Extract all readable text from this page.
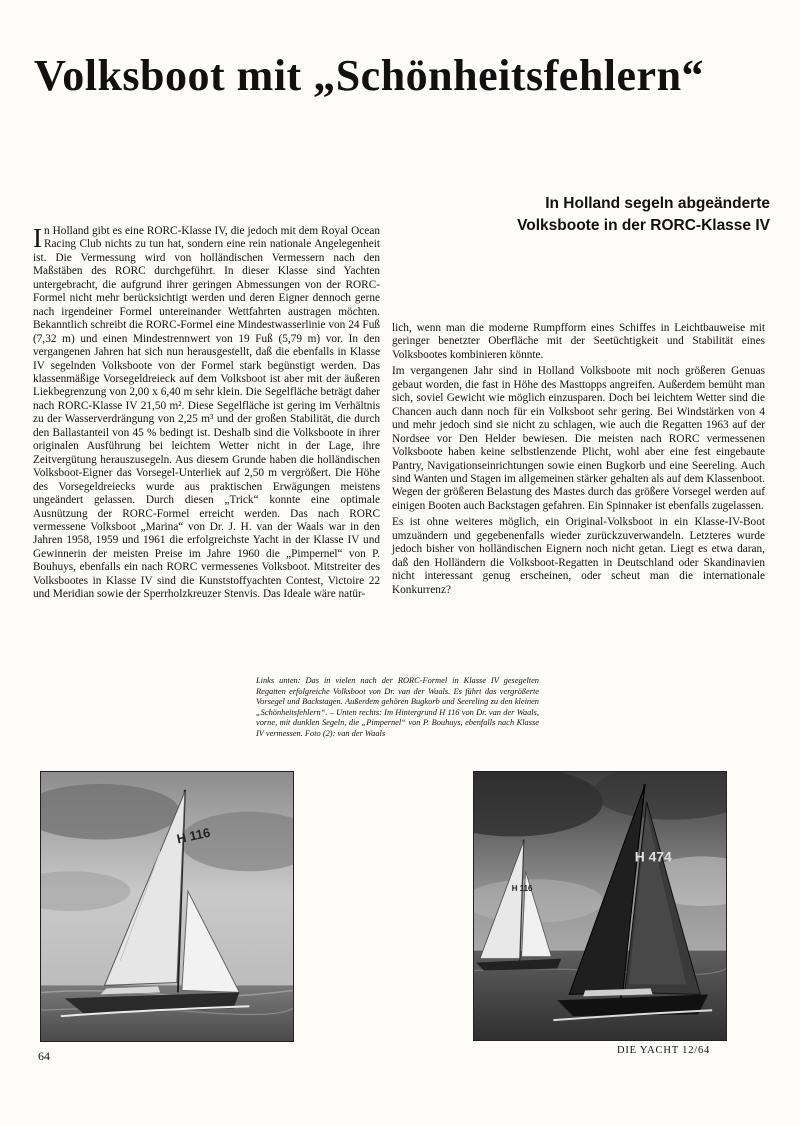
Volksboot mit „Schönheitsfehlern“
In Holland segeln abgeänderte
Volksboote in der RORC-Klasse IV

In Holland gibt es eine RORC-Klasse IV, die jedoch mit dem Royal Ocean Racing Club nichts zu tun hat, sondern eine rein nationale Angelegenheit ist. Die Vermessung wird von holländischen Vermessern nach den Maßstäben des RORC durchgeführt. In dieser Klasse sind Yachten untergebracht, die aufgrund ihrer geringen Abmessungen von der RORC-Formel nicht mehr berücksichtigt werden und deren Eigner dennoch gerne nach irgendeiner Formel untereinander Wettfahrten austragen möchten. Bekanntlich schreibt die RORC-Formel eine Mindestwasserlinie von 24 Fuß (7,32 m) und einen Mindestrennwert von 19 Fuß (5,79 m) vor. In den vergangenen Jahren hat sich nun herausgestellt, daß die ebenfalls in Klasse IV segelnden Volksboote von der Formel stark begünstigt werden. Das klassenmäßige Vorsegeldreieck auf dem Volksboot ist aber mit der äußeren Liekbegrenzung von 2,00 x 6,40 m sehr klein. Die Segelfläche beträgt daher nach RORC-Klasse IV 21,50 m². Diese Segelfläche ist gering im Verhältnis zu der Wasserverdrängung von 2,25 m³ und der großen Stabilität, die durch den Ballastanteil von 45 % bedingt ist. Deshalb sind die Volksboote in ihrer originalen Ausführung bei leichtem Wetter nicht in der Lage, ihre Zeitvergütung herauszusegeln. Aus diesem Grunde haben die holländischen Volksboot-Eigner das Vorsegel-Unterliek auf 2,50 m vergrößert. Die Höhe des Vorsegeldreiecks wurde aus praktischen Erwägungen meistens ungeändert gelassen. Durch diesen „Trick“ konnte eine optimale Ausnützung der RORC-Formel erreicht werden. Das nach RORC vermessene Volksboot „Marina“ von Dr. J. H. van der Waals war in den Jahren 1958, 1959 und 1961 die erfolgreichste Yacht in der Klasse IV und Gewinnerin der meisten Preise im Jahre 1960 die „Pimpernel“ von P. Bouhuys, ebenfalls ein nach RORC vermessenes Volksboot. Mitstreiter des Volksbootes in Klasse IV sind die Kunststoffyachten Contest, Victoire 22 und Meridian sowie der Sperrholzkreuzer Stenvis. Das Ideale wäre natür-

lich, wenn man die moderne Rumpfform eines Schiffes in Leichtbauweise mit geringer benetzter Oberfläche mit der Seetüchtigkeit und Stabilität eines Volksbootes kombinieren könnte.

Im vergangenen Jahr sind in Holland Volksboote mit noch größeren Genuas gebaut worden, die fast in Höhe des Masttopps angreifen. Außerdem bemüht man sich, soviel Gewicht wie möglich einzusparen. Doch bei leichtem Wetter sind die Chancen auch dann noch für ein Volksboot sehr gering. Bei Windstärken von 4 und mehr jedoch sind sie nicht zu schlagen, wie auch die Regatten 1963 auf der Nordsee vor Den Helder bewiesen. Die meisten nach RORC vermessenen Volksboote haben keine selbstlenzende Plicht, wohl aber eine fest eingebaute Pantry, Navigationseinrichtungen sowie einen Bugkorb und eine Seereling. Auch sind Wanten und Stagen im allgemeinen stärker gehalten als auf dem Klassenboot. Wegen der größeren Belastung des Mastes durch das größere Vorsegel werden auf einigen Booten auch Backstagen gefahren. Ein Spinnaker ist ebenfalls zugelassen.

Es ist ohne weiteres möglich, ein Original-Volksboot in ein Klasse-IV-Boot umzuändern und gegebenenfalls wieder zurückzuverwandeln. Letzteres wurde jedoch bisher von holländischen Eignern noch nicht getan. Liegt es etwa daran, daß den Holländern die Volksboot-Regatten in Deutschland oder Skandinavien nicht interessant genug erscheinen, oder scheut man die internationale Konkurrenz?

Links unten: Das in vielen nach der RORC-Formel in Klasse IV gesegelten Regatten erfolgreiche Volksboot von Dr. van der Waals. Es führt das vergrößerte Vorsegel und Backstagen. Außerdem gehören Bugkorb und Seereling zu den kleinen „Schönheitsfehlern“. – Unten rechts: Im Hintergrund H 116 von Dr. van der Waals, vorne, mit dunklen Segeln, die „Pimpernel“ von P. Bouhuys, ebenfalls nach Klasse IV vermessen. Foto (2): van der Waals
H 116
H 116
H 474
64	DIE YACHT 12/64
